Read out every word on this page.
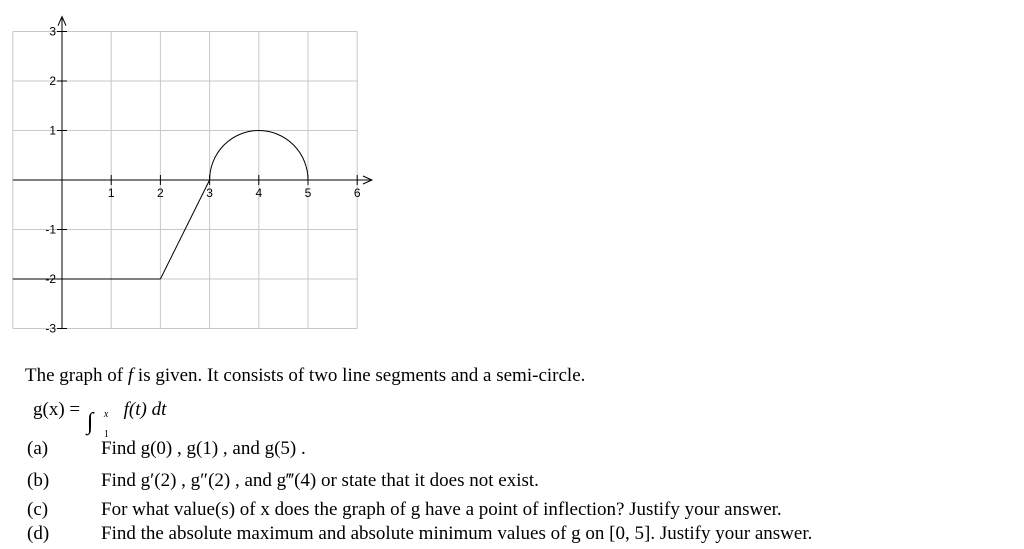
1	2	3	4	5	6
3
2
1
-1
-2
-3
The graph of f is given. It consists of two line segments and a semi-circle.
g(x) = ∫ x
1
f(t) dt
(a)	Find g(0) , g(1) , and g(5) .
(b)	Find g′(2) , g″(2) , and g‴(4) or state that it does not exist.
(c)	For what value(s) of x does the graph of g have a point of inflection? Justify your answer.
(d)	Find the absolute maximum and absolute minimum values of g on [0, 5]. Justify your answer.
